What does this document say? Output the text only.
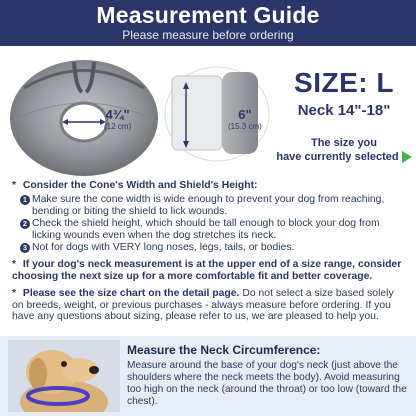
Measurement Guide
Please measure before ordering
4¾"
(12 cm)
6"
(15.3 cm)
SIZE: L
Neck 14"-18"
The size you
have currently selected
* Consider the Cone's Width and Shield's Height:
1 Make sure the cone width is wide enough to prevent your dog from reaching, bending or biting the shield to lick wounds.
2 Check the shield height, which should be tall enough to block your dog from licking wounds even when the dog stretches its neck.
3 Not for dogs with VERY long noses, legs, tails, or bodies.
* If your dog's neck measurement is at the upper end of a size range, consider choosing the next size up for a more comfortable fit and better coverage.
* Please see the size chart on the detail page. Do not select a size based solely on breeds, weight, or previous purchases - always measure before ordering. If you have any questions about sizing, please refer to us, we are pleased to help you.
Measure the Neck Circumference:
Measure around the base of your dog's neck (just above the shoulders where the neck meets the body). Avoid measuring too high on the neck (around the throat) or too low (toward the chest).
